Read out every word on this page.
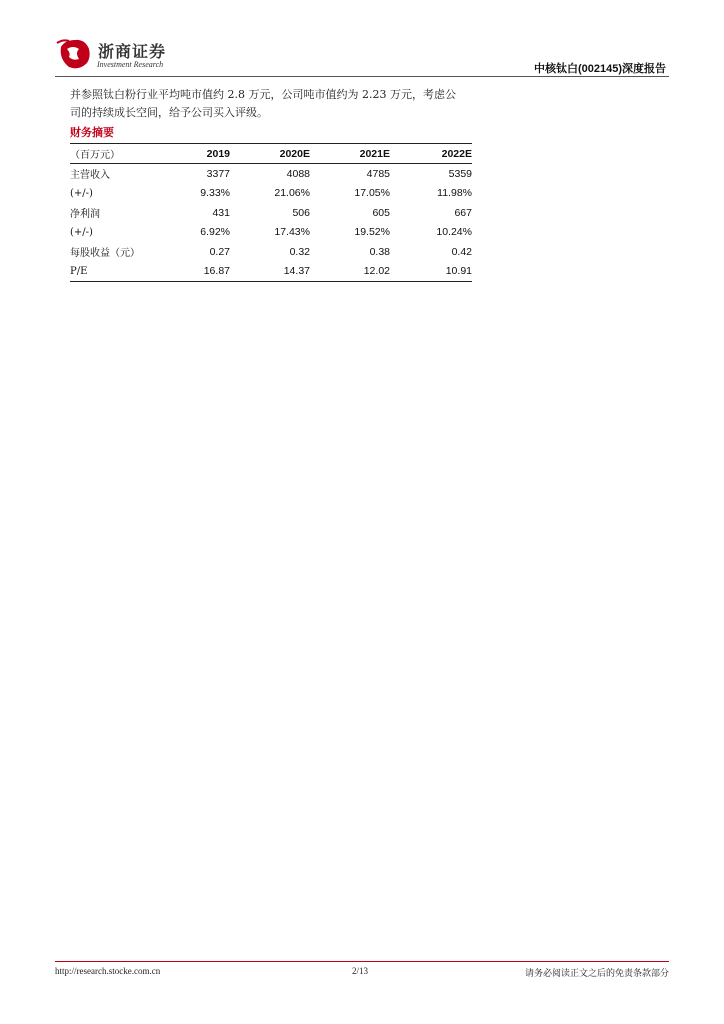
浙商证券
Investment Research	中核钛白(002145)深度报告

并参照钛白粉行业平均吨市值约 2.8 万元，公司吨市值约为 2.23 万元，考虑公

司的持续成长空间，给予公司买入评级。

财务摘要
（百万元）	2019	2020E	2021E	2022E
主营收入	3377	4088	4785	5359
(+/-)	9.33%	21.06%	17.05%	11.98%
净利润	431	506	605	667
(+/-)	6.92%	17.43%	19.52%	10.24%
每股收益（元）	0.27	0.32	0.38	0.42
P/E	16.87	14.37	12.02	10.91
http://research.stocke.com.cn	2/13	请务必阅读正文之后的免责条款部分
